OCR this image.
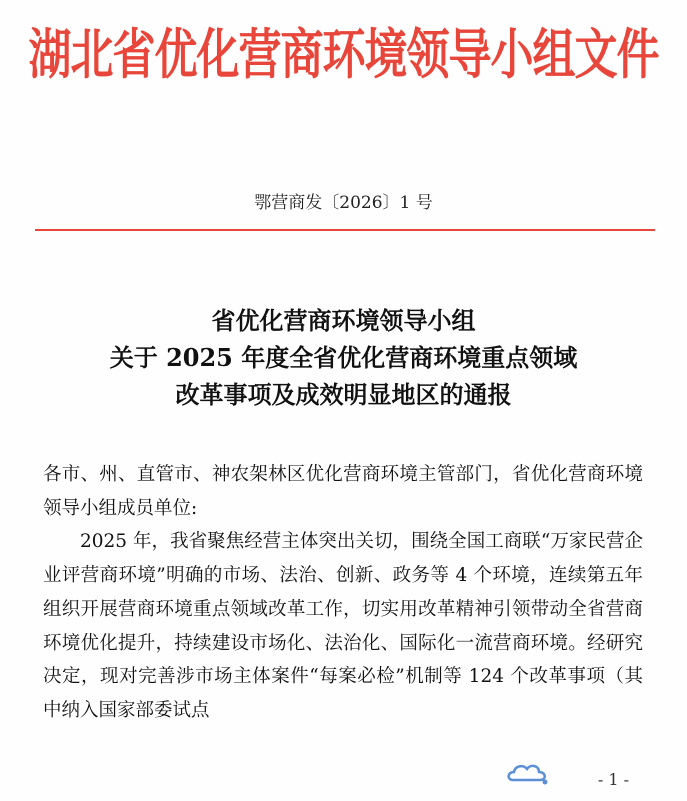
湖北省优化营商环境领导小组文件
鄂营商发〔2026〕1 号
省优化营商环境领导小组
关于 2025 年度全省优化营商环境重点领域
改革事项及成效明显地区的通报

各市、州、直管市、神农架林区优化营商环境主管部门，省优化营商环境领导小组成员单位:

2025 年，我省聚焦经营主体突出关切，围绕全国工商联“万家民营企业评营商环境”明确的市场、法治、创新、政务等 4 个环境，连续第五年组织开展营商环境重点领域改革工作，切实用改革精神引领带动全省营商环境优化提升，持续建设市场化、法治化、国际化一流营商环境。经研究决定，现对完善涉市场主体案件“每案必检”机制等 124 个改革事项（其中纳入国家部委试点

- 1 -
